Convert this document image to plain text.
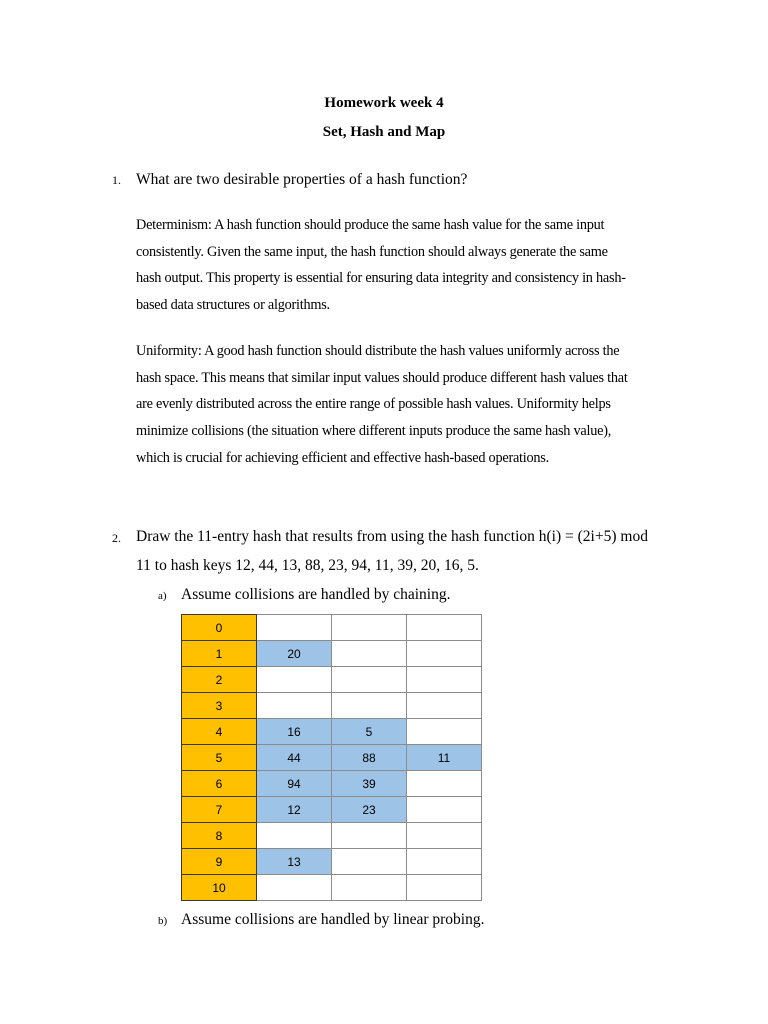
Homework week 4
Set, Hash and Map
1. What are two desirable properties of a hash function?
Determinism: A hash function should produce the same hash value for the same input
consistently. Given the same input, the hash function should always generate the same
hash output. This property is essential for ensuring data integrity and consistency in hash-
based data structures or algorithms.
Uniformity: A good hash function should distribute the hash values uniformly across the
hash space. This means that similar input values should produce different hash values that
are evenly distributed across the entire range of possible hash values. Uniformity helps
minimize collisions (the situation where different inputs produce the same hash value),
which is crucial for achieving efficient and effective hash-based operations.
2. Draw the 11-entry hash that results from using the hash function h(i) = (2i+5) mod
11 to hash keys 12, 44, 13, 88, 23, 94, 11, 39, 20, 16, 5.
a) Assume collisions are handled by chaining.
0			
1	20		
2			
3			
4	16	5	
5	44	88	11
6	94	39	
7	12	23	
8			
9	13		
10			
b) Assume collisions are handled by linear probing.
